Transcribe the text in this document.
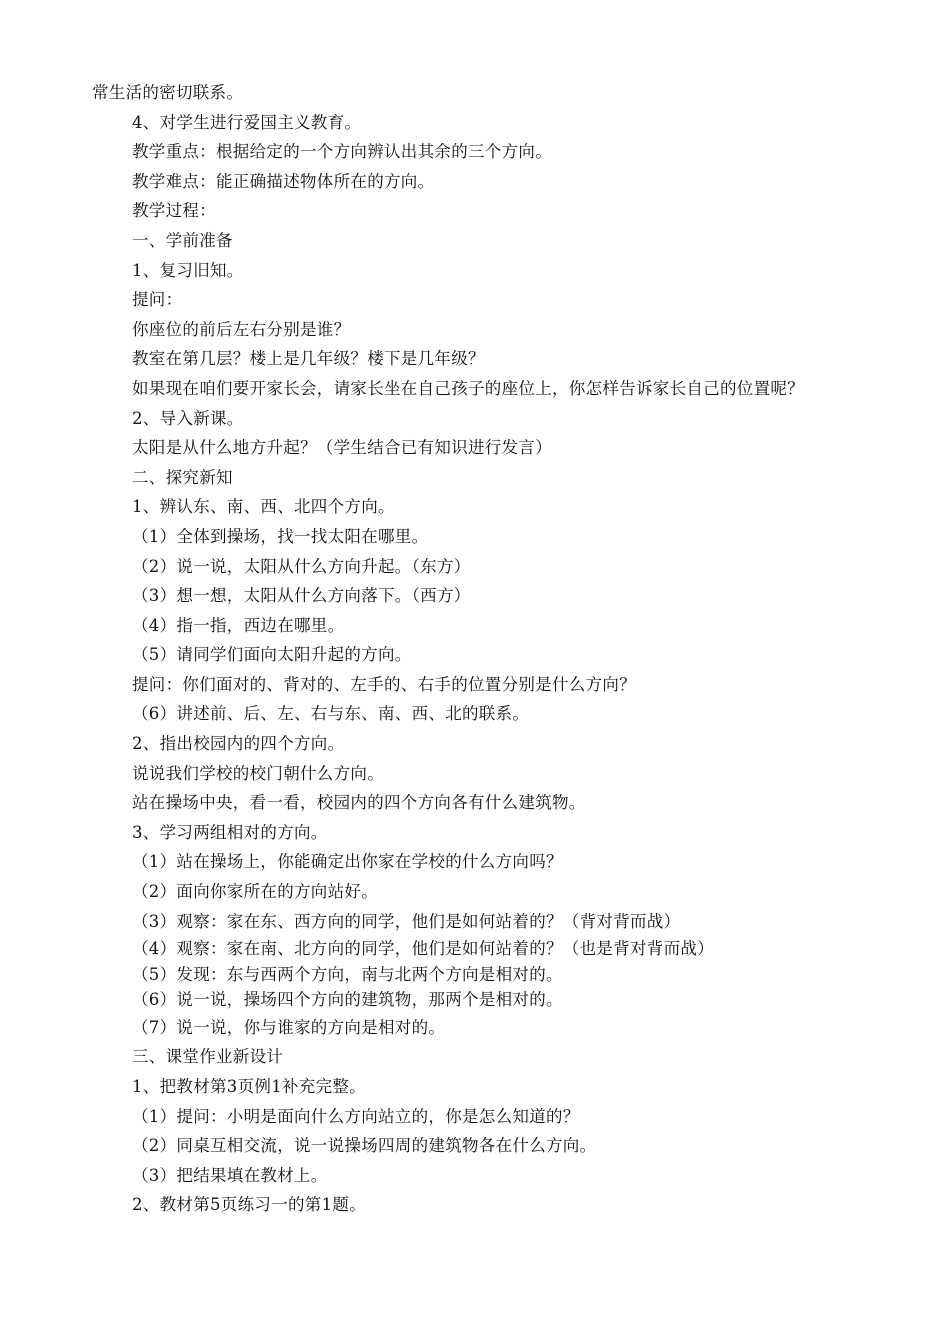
常生活的密切联系。
4、对学生进行爱国主义教育。
教学重点：根据给定的一个方向辨认出其余的三个方向。
教学难点：能正确描述物体所在的方向。
教学过程：
一、学前准备
1、复习旧知。
提问：
你座位的前后左右分别是谁？
教室在第几层？楼上是几年级？楼下是几年级？
如果现在咱们要开家长会，请家长坐在自己孩子的座位上，你怎样告诉家长自己的位置呢？
2、导入新课。
太阳是从什么地方升起？（学生结合已有知识进行发言）
二、探究新知
1、辨认东、南、西、北四个方向。
（1）全体到操场，找一找太阳在哪里。
（2）说一说，太阳从什么方向升起。（东方）
（3）想一想，太阳从什么方向落下。（西方）
（4）指一指，西边在哪里。
（5）请同学们面向太阳升起的方向。
提问：你们面对的、背对的、左手的、右手的位置分别是什么方向？
（6）讲述前、后、左、右与东、南、西、北的联系。
2、指出校园内的四个方向。
说说我们学校的校门朝什么方向。
站在操场中央，看一看，校园内的四个方向各有什么建筑物。
3、学习两组相对的方向。
（1）站在操场上，你能确定出你家在学校的什么方向吗？
（2）面向你家所在的方向站好。
（3）观察：家在东、西方向的同学，他们是如何站着的？（背对背而战）
（4）观察：家在南、北方向的同学，他们是如何站着的？（也是背对背而战）
（5）发现：东与西两个方向，南与北两个方向是相对的。
（6）说一说，操场四个方向的建筑物，那两个是相对的。
（7）说一说，你与谁家的方向是相对的。
三、课堂作业新设计
1、把教材第3页例1补充完整。
（1）提问：小明是面向什么方向站立的，你是怎么知道的？
（2）同桌互相交流，说一说操场四周的建筑物各在什么方向。
（3）把结果填在教材上。
2、教材第5页练习一的第1题。
